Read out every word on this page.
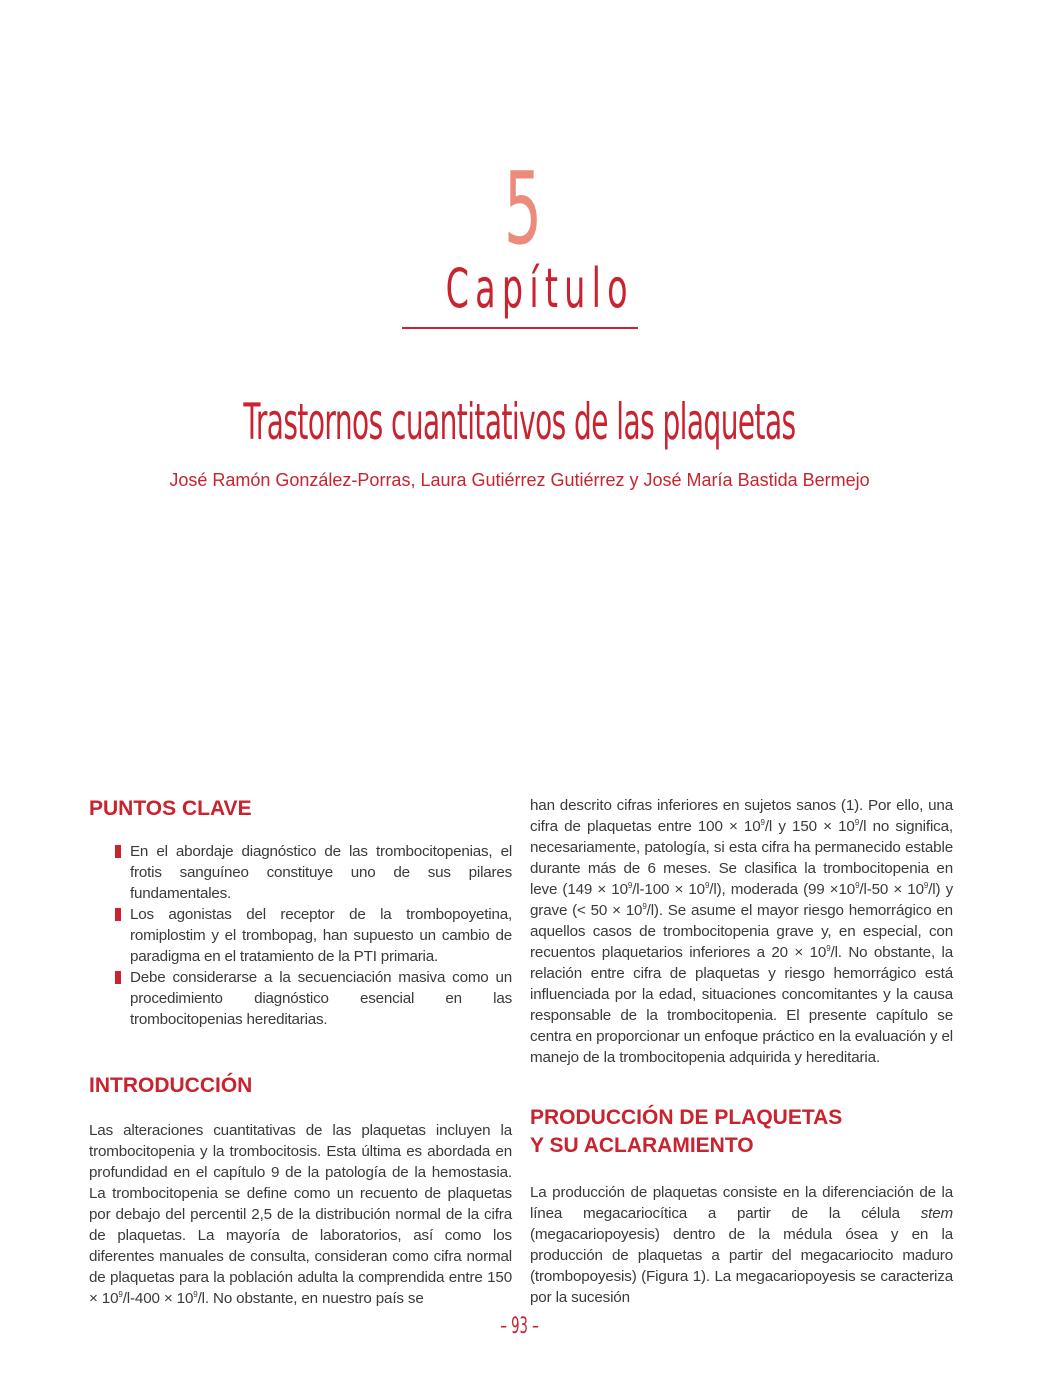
5
Capítulo
Trastornos cuantitativos de las plaquetas
José Ramón González-Porras, Laura Gutiérrez Gutiérrez y José María Bastida Bermejo
PUNTOS CLAVE
En el abordaje diagnóstico de las trombocitopenias, el frotis sanguíneo constituye uno de sus pilares fundamentales.
Los agonistas del receptor de la trombopoyetina, romiplostim y el trombopag, han supuesto un cambio de paradigma en el tratamiento de la PTI primaria.
Debe considerarse a la secuenciación masiva como un procedimiento diagnóstico esencial en las trombocitopenias hereditarias.
INTRODUCCIÓN

Las alteraciones cuantitativas de las plaquetas incluyen la trombocitopenia y la trombocitosis. Esta última es abordada en profundidad en el capítulo 9 de la patología de la hemostasia. La trombocitopenia se define como un recuento de plaquetas por debajo del percentil 2,5 de la distribución normal de la cifra de plaquetas. La mayoría de laboratorios, así como los diferentes manuales de consulta, consideran como cifra normal de plaquetas para la población adulta la comprendida entre $150 \times 10^9/l-400 \times 10^9/l$. No obstante, en nuestro país se

han descrito cifras inferiores en sujetos sanos (1). Por ello, una cifra de plaquetas entre $100 \times 10^9/l$ y $150 \times 10^9/l$ no significa, necesariamente, patología, si esta cifra ha permanecido estable durante más de 6 meses. Se clasifica la trombocitopenia en leve $(149 \times 10^9/l-100 \times 10^9/l)$, moderada $(99 \times 10^9/l-50 \times 10^9/l)$ y grave (< $50 \times 10^9/l$). Se asume el mayor riesgo hemorrágico en aquellos casos de trombocitopenia grave y, en especial, con recuentos plaquetarios inferiores a $20 \times 10^9/l$. No obstante, la relación entre cifra de plaquetas y riesgo hemorrágico está influenciada por la edad, situaciones concomitantes y la causa responsable de la trombocitopenia. El presente capítulo se centra en proporcionar un enfoque práctico en la evaluación y el manejo de la trombocitopenia adquirida y hereditaria.

PRODUCCIÓN DE PLAQUETAS
Y SU ACLARAMIENTO

La producción de plaquetas consiste en la diferenciación de la línea megacariocítica a partir de la célula stem (megacariopoyesis) dentro de la médula ósea y en la producción de plaquetas a partir del megacariocito maduro (trombopoyesis) (Figura 1). La megacariopoyesis se caracteriza por la sucesión

– 93 –
